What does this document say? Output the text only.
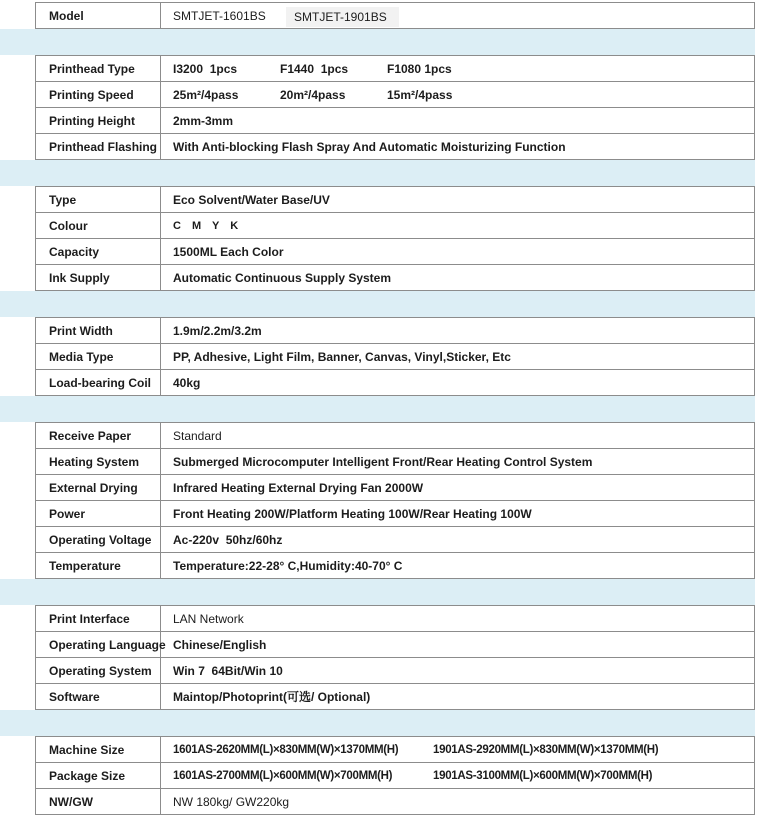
Model	SMTJET-1601BS	SMTJET-1901BS
Printhead Type	I3200  1pcs	F1440  1pcs	F1080 1pcs
Printing Speed	25m²/4pass	20m²/4pass	15m²/4pass
Printing Height	2mm-3mm
Printhead Flashing	With Anti-blocking Flash Spray And Automatic Moisturizing Function
Type	Eco Solvent/Water Base/UV
Colour	C M Y K
Capacity	1500ML Each Color
Ink Supply	Automatic Continuous Supply System
Print Width	1.9m/2.2m/3.2m
Media Type	PP, Adhesive, Light Film, Banner, Canvas, Vinyl,Sticker, Etc
Load-bearing Coil	40kg
Receive Paper	Standard
Heating System	Submerged Microcomputer Intelligent Front/Rear Heating Control System
External Drying	Infrared Heating External Drying Fan 2000W
Power	Front Heating 200W/Platform Heating 100W/Rear Heating 100W
Operating Voltage	Ac-220v  50hz/60hz
Temperature	Temperature:22-28° C,Humidity:40-70° C
Print Interface	LAN Network
Operating Language Chinese/English
Operating System	Win 7  64Bit/Win 10
Software	Maintop/Photoprint(可选/ Optional)
Machine Size	1601AS-2620MM(L)×830MM(W)×1370MM(H)	1901AS-2920MM(L)×830MM(W)×1370MM(H)
Package Size	1601AS-2700MM(L)×600MM(W)×700MM(H)	1901AS-3100MM(L)×600MM(W)×700MM(H)
NW/GW	NW 180kg/ GW220kg
